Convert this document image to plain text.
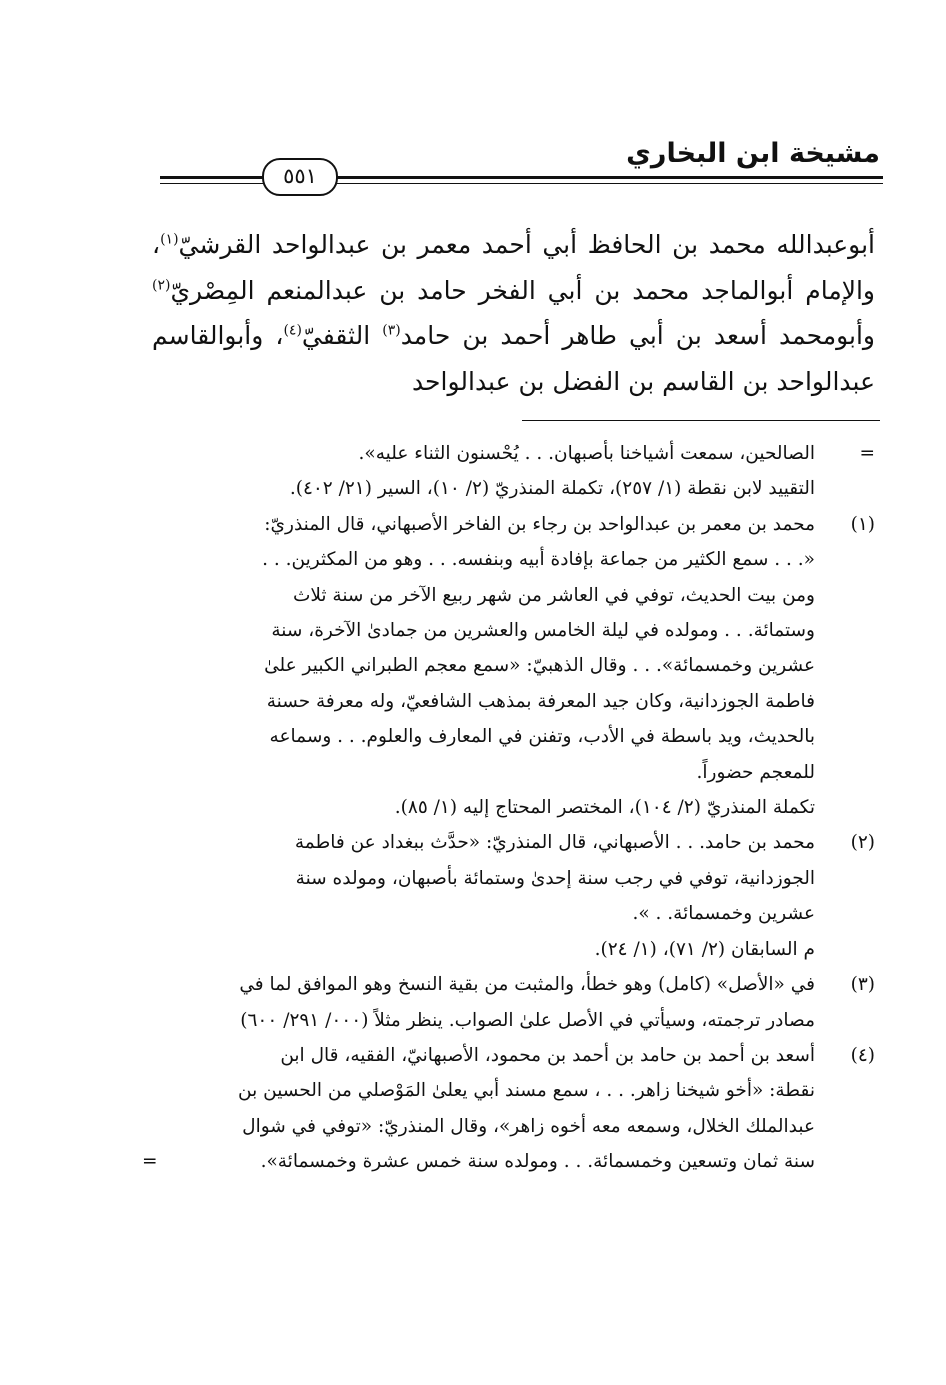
مشيخة ابن البخاري
٥٥١

أبوعبدالله محمد بن الحافظ أبي أحمد معمر بن عبدالواحد القرشيّ$^{(١)}$، والإمام أبوالماجد محمد بن أبي الفخر حامد بن عبدالمنعم المِصْريّ$^{(٢)}$ وأبومحمد أسعد بن أبي طاهر أحمد بن حامد$^{(٣)}$ الثقفيّ$^{(٤)}$، وأبوالقاسم عبدالواحد بن القاسم بن الفضل بن عبدالواحد

=

الصالحين، سمعت أشياخنا بأصبهان. . . يُحْسنون الثناء عليه».

التقييد لابن نقطة (١/ ٢٥٧)، تكملة المنذريّ (٢/ ١٠)، السير (٢١/ ٤٠٢).

(١)

محمد بن معمر بن عبدالواحد بن رجاء بن الفاخر الأصبهاني، قال المنذريّ:

«. . . سمع الكثير من جماعة بإفادة أبيه وبنفسه. . . وهو من المكثرين. . .

ومن بيت الحديث، توفي في العاشر من شهر ربيع الآخر من سنة ثلاث

وستمائة. . . ومولده في ليلة الخامس والعشرين من جمادىٰ الآخرة، سنة

عشرين وخمسمائة». . . وقال الذهبيّ: «سمع معجم الطبراني الكبير علىٰ

فاطمة الجوزدانية، وكان جيد المعرفة بمذهب الشافعيّ، وله معرفة حسنة

بالحديث، ويد باسطة في الأدب، وتفنن في المعارف والعلوم. . . وسماعه

للمعجم حضوراً.

تكملة المنذريّ (٢/ ١٠٤)، المختصر المحتاج إليه (١/ ٨٥).

(٢)

محمد بن حامد. . . الأصبهاني، قال المنذريّ: «حدَّث ببغداد عن فاطمة

الجوزدانية، توفي في رجب سنة إحدىٰ وستمائة بأصبهان، ومولده سنة

عشرين وخمسمائة. . ».

م السابقان (٢/ ٧١)، (١/ ٢٤).

(٣)

في «الأصل» (كامل) وهو خطأ، والمثبت من بقية النسخ وهو الموافق لما في

مصادر ترجمته، وسيأتي في الأصل علىٰ الصواب. ينظر مثلاً (٠٠٠/ ٢٩١/ ٦٠٠)

(٤)

أسعد بن أحمد بن حامد بن أحمد بن محمود، الأصبهانيّ، الفقيه، قال ابن

نقطة: «أخو شيخنا زاهر. . . ، سمع مسند أبي يعلىٰ المَوْصلي من الحسين بن

عبدالملك الخلال، وسمعه معه أخوه زاهر»، وقال المنذريّ: «توفي في شوال

سنة ثمان وتسعين وخمسمائة. . . ومولده سنة خمس عشرة وخمسمائة».

=
